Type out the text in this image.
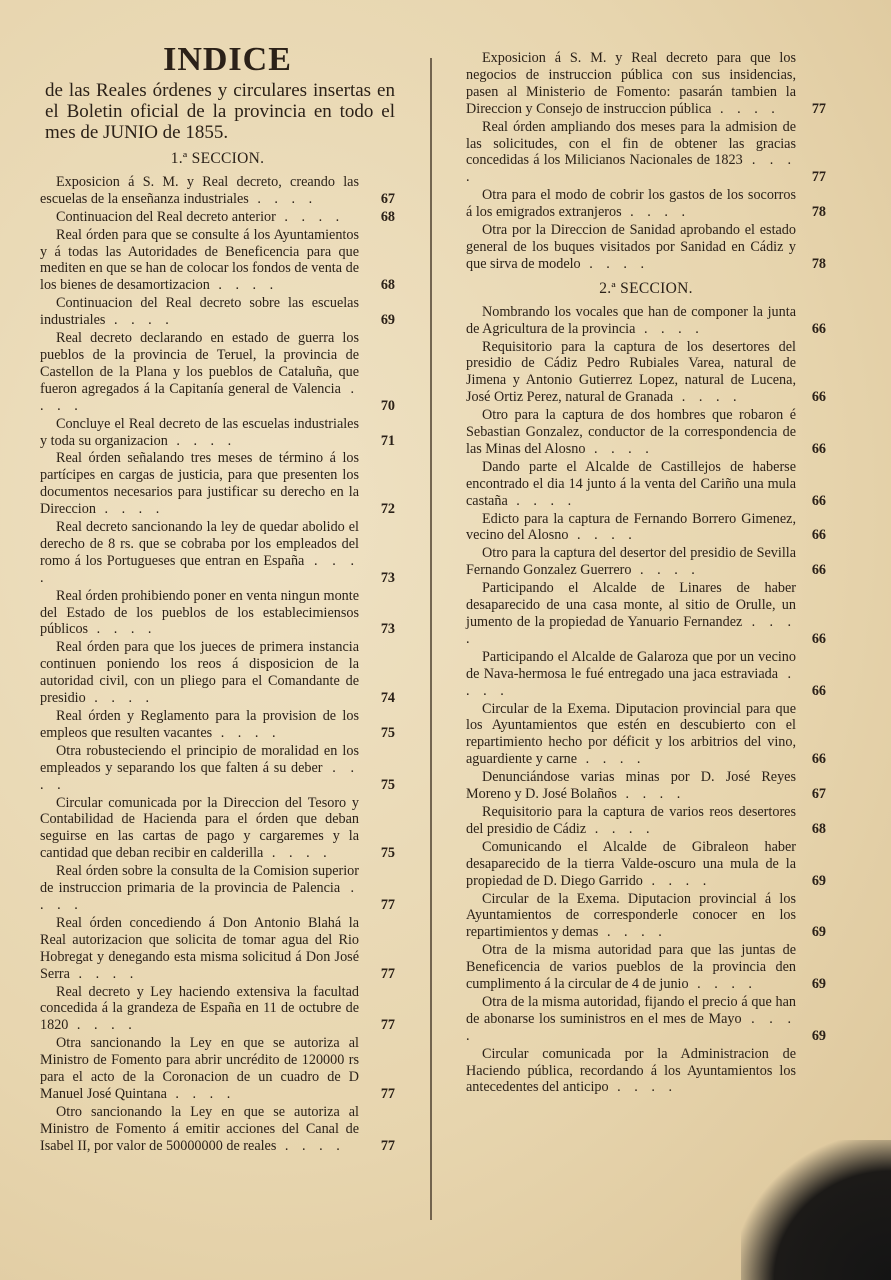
INDICE
de las Reales órdenes y circulares insertas en el Boletin oficial de la provincia en todo el mes de JUNIO de 1855.
1.ª SECCION.
Exposicion á S. M. y Real decreto, creando las escuelas de la enseñanza industriales . . . .	67
Continuacion del Real decreto anterior . . . .	68
Real órden para que se consulte á los Ayuntamientos y á todas las Autoridades de Beneficencia para que mediten en que se han de colocar los fondos de venta de los bienes de desamortizacion . . . .	68
Continuacion del Real decreto sobre las escuelas industriales . . . .	69
Real decreto declarando en estado de guerra los pueblos de la provincia de Teruel, la provincia de Castellon de la Plana y los pueblos de Cataluña, que fueron agregados á la Capitanía general de Valencia . . . .	70
Concluye el Real decreto de las escuelas industriales y toda su organizacion . . . .	71
Real órden señalando tres meses de término á los partícipes en cargas de justicia, para que presenten los documentos necesarios para justificar su derecho en la Direccion . . . .	72
Real decreto sancionando la ley de quedar abolido el derecho de 8 rs. que se cobraba por los empleados del romo á los Portugueses que entran en España . . . .	73
Real órden prohibiendo poner en venta ningun monte del Estado de los pueblos de los establecimiensos públicos . . . .	73
Real órden para que los jueces de primera instancia continuen poniendo los reos á disposicion de la autoridad civil, con un pliego para el Comandante de presidio . . . .	74
Real órden y Reglamento para la provision de los empleos que resulten vacantes . . . .	75
Otra robusteciendo el principio de moralidad en los empleados y separando los que falten á su deber . . . .	75
Circular comunicada por la Direccion del Tesoro y Contabilidad de Hacienda para el órden que deban seguirse en las cartas de pago y cargaremes y la cantidad que deban recibir en calderilla . . . .	75
Real órden sobre la consulta de la Comision superior de instruccion primaria de la provincia de Palencia . . . .	77
Real órden concediendo á Don Antonio Blahá la Real autorizacion que solicita de tomar agua del Rio Hobregat y denegando esta misma solicitud á Don José Serra . . . .	77
Real decreto y Ley haciendo extensiva la facultad concedida á la grandeza de España en 11 de octubre de 1820 . . . .	77
Otra sancionando la Ley en que se autoriza al Ministro de Fomento para abrir uncrédito de 120000 rs para el acto de la Coronacion de un cuadro de D Manuel José Quintana . . . .	77
Otro sancionando la Ley en que se autoriza al Ministro de Fomento á emitir acciones del Canal de Isabel II, por valor de 50000000 de reales . . . .	77
Exposicion á S. M. y Real decreto para que los negocios de instruccion pública con sus insidencias, pasen al Ministerio de Fomento: pasarán tambien la Direccion y Consejo de instruccion pública . . . .	77
Real órden ampliando dos meses para la admision de las solicitudes, con el fin de obtener las gracias concedidas á los Milicianos Nacionales de 1823 . . . .	77
Otra para el modo de cobrir los gastos de los socorros á los emigrados extranjeros . . . .	78
Otra por la Direccion de Sanidad aprobando el estado general de los buques visitados por Sanidad en Cádiz y que sirva de modelo . . . .	78
2.ª SECCION.
Nombrando los vocales que han de componer la junta de Agricultura de la provincia . . . .	66
Requisitorio para la captura de los desertores del presidio de Cádiz Pedro Rubiales Varea, natural de Jimena y Antonio Gutierrez Lopez, natural de Lucena, José Ortiz Perez, natural de Granada . . . .	66
Otro para la captura de dos hombres que robaron é Sebastian Gonzalez, conductor de la correspondencia de las Minas del Alosno . . . .	66
Dando parte el Alcalde de Castillejos de haberse encontrado el dia 14 junto á la venta del Cariño una mula castaña . . . .	66
Edicto para la captura de Fernando Borrero Gimenez, vecino del Alosno . . . .	66
Otro para la captura del desertor del presidio de Sevilla Fernando Gonzalez Guerrero . . . .	66
Participando el Alcalde de Linares de haber desaparecido de una casa monte, al sitio de Orulle, un jumento de la propiedad de Yanuario Fernandez . . . .	66
Participando el Alcalde de Galaroza que por un vecino de Nava-hermosa le fué entregado una jaca estraviada . . . .	66
Circular de la Exema. Diputacion provincial para que los Ayuntamientos que estén en descubierto con el repartimiento hecho por déficit y los arbitrios del vino, aguardiente y carne . . . .	66
Denunciándose varias minas por D. José Reyes Moreno y D. José Bolaños . . . .	67
Requisitorio para la captura de varios reos desertores del presidio de Cádiz . . . .	68
Comunicando el Alcalde de Gibraleon haber desaparecido de la tierra Valde-oscuro una mula de la propiedad de D. Diego Garrido . . . .	69
Circular de la Exema. Diputacion provincial á los Ayuntamientos de corresponderle conocer en los repartimientos y demas . . . .	69
Otra de la misma autoridad para que las juntas de Beneficencia de varios pueblos de la provincia den cumplimento á la circular de 4 de junio . . . .	69
Otra de la misma autoridad, fijando el precio á que han de abonarse los suministros en el mes de Mayo . . . .	69
Circular comunicada por la Administracion de Haciendo pública, recordando á los Ayuntamientos los antecedentes del anticipo . . . .
